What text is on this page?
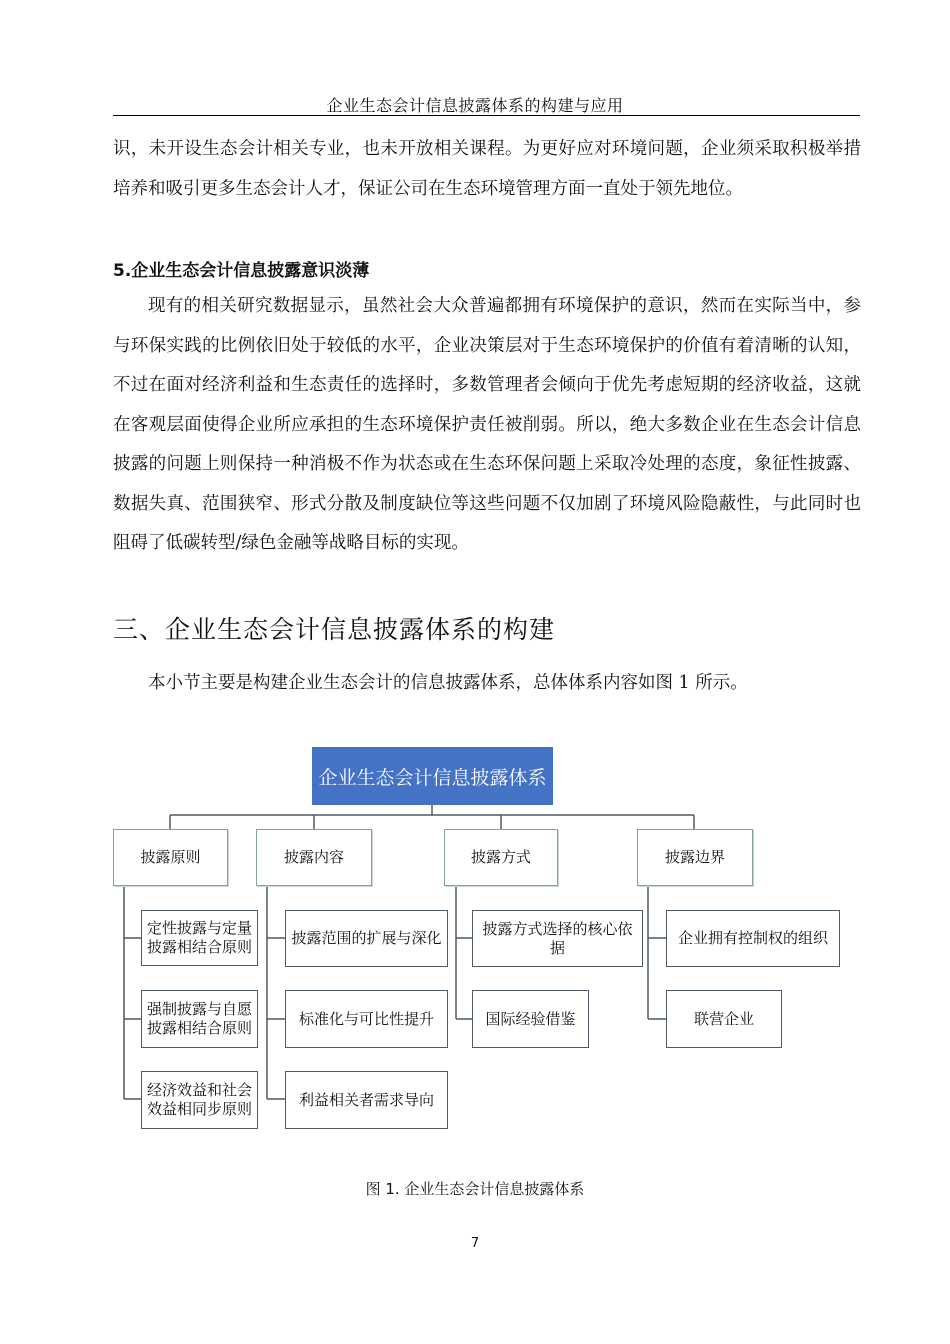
企业生态会计信息披露体系的构建与应用

识，未开设生态会计相关专业，也未开放相关课程。为更好应对环境问题，企业须采取积极举措培养和吸引更多生态会计人才，保证公司在生态环境管理方面一直处于领先地位。

5.企业生态会计信息披露意识淡薄

现有的相关研究数据显示，虽然社会大众普遍都拥有环境保护的意识，然而在实际当中，参与环保实践的比例依旧处于较低的水平，企业决策层对于生态环境保护的价值有着清晰的认知，不过在面对经济利益和生态责任的选择时，多数管理者会倾向于优先考虑短期的经济收益，这就在客观层面使得企业所应承担的生态环境保护责任被削弱。所以，绝大多数企业在生态会计信息披露的问题上则保持一种消极不作为状态或在生态环保问题上采取冷处理的态度，象征性披露、数据失真、范围狭窄、形式分散及制度缺位等这些问题不仅加剧了环境风险隐蔽性，与此同时也阻碍了低碳转型/绿色金融等战略目标的实现。

三、企业生态会计信息披露体系的构建

本小节主要是构建企业生态会计的信息披露体系，总体体系内容如图 1 所示。

企业生态会计信息披露体系
披露原则	披露内容	披露方式	披露边界
定性披露与定量披露相结合原则
强制披露与自愿披露相结合原则
经济效益和社会效益相同步原则
披露范围的扩展与深化
标准化与可比性提升
利益相关者需求导向
披露方式选择的核心依据
国际经验借鉴
企业拥有控制权的组织
联营企业
图 1. 企业生态会计信息披露体系
7
